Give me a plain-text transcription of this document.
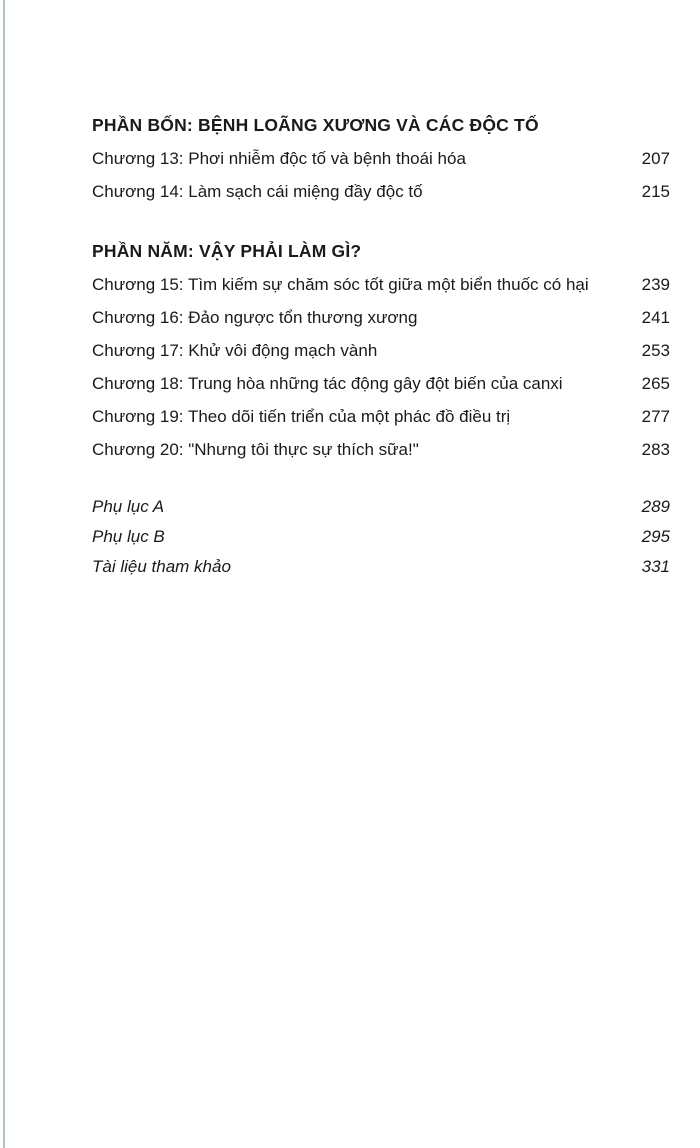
PHẦN BỐN: BỆNH LOÃNG XƯƠNG VÀ CÁC ĐỘC TỐ
Chương 13: Phơi nhiễm độc tố và bệnh thoái hóa	207
Chương 14: Làm sạch cái miệng đầy độc tố	215
PHẦN NĂM: VẬY PHẢI LÀM GÌ?
Chương 15: Tìm kiếm sự chăm sóc tốt giữa một biển thuốc có hại	239
Chương 16: Đảo ngược tổn thương xương	241
Chương 17: Khử vôi động mạch vành	253
Chương 18: Trung hòa những tác động gây đột biến của canxi	265
Chương 19: Theo dõi tiến triển của một phác đồ điều trị	277
Chương 20: "Nhưng tôi thực sự thích sữa!"	283
Phụ lục A	289
Phụ lục B	295
Tài liệu tham khảo	331
